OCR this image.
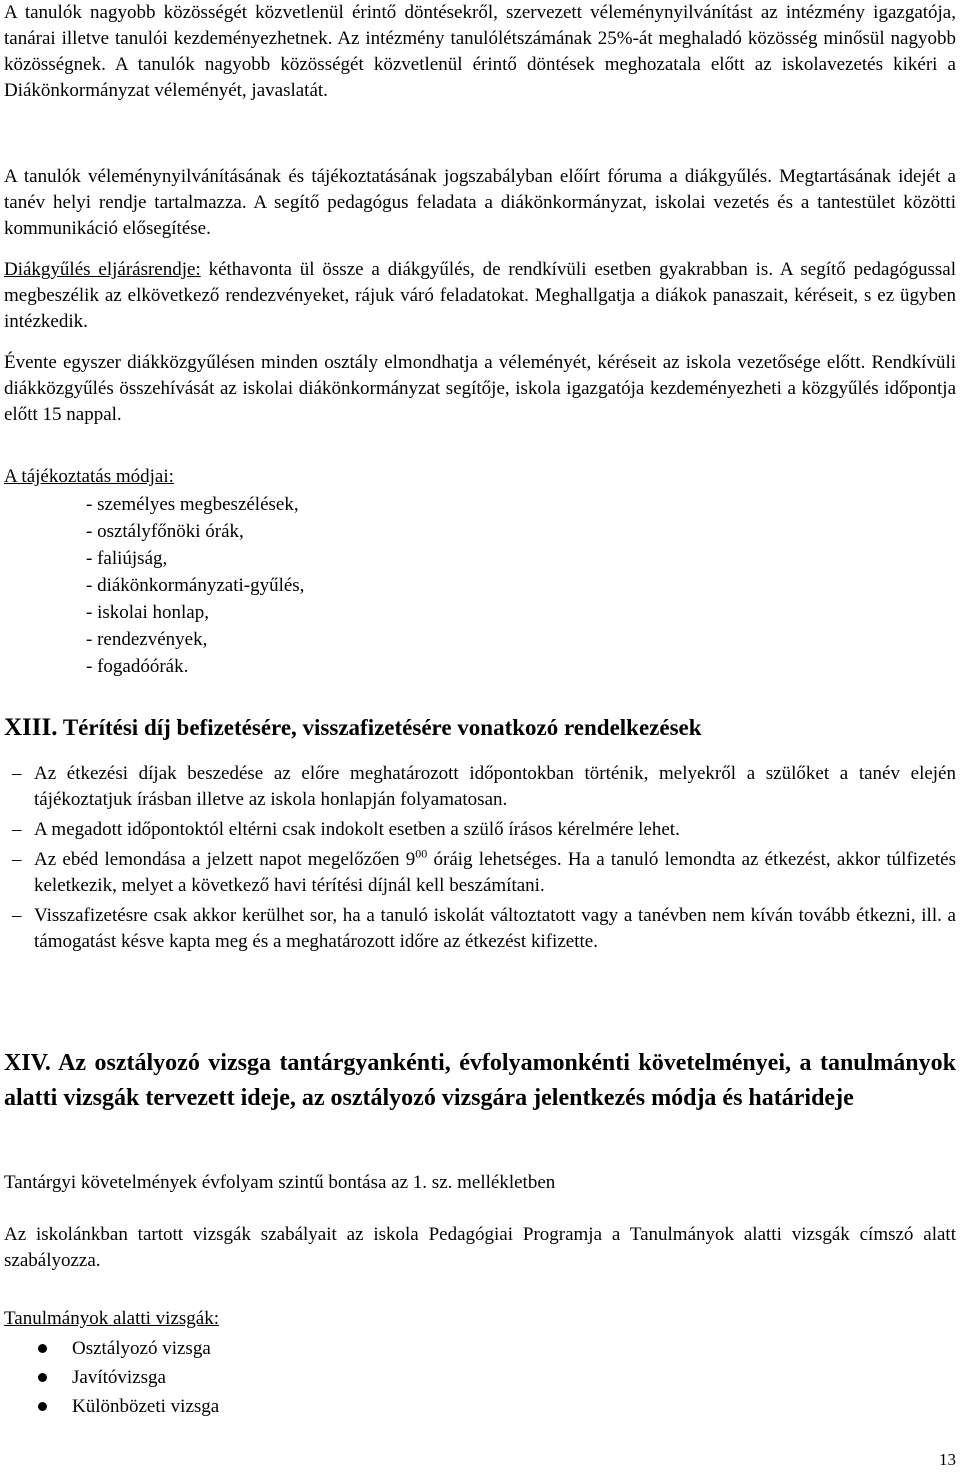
A tanulók nagyobb közösségét közvetlenül érintő döntésekről, szervezett véleménynyilvánítást az intézmény igazgatója, tanárai illetve tanulói kezdeményezhetnek. Az intézmény tanulólétszámának 25%-át meghaladó közösség minősül nagyobb közösségnek. A tanulók nagyobb közösségét közvetlenül érintő döntések meghozatala előtt az iskolavezetés kikéri a Diákönkormányzat véleményét, javaslatát.

A tanulók véleménynyilvánításának és tájékoztatásának jogszabályban előírt fóruma a diákgyűlés. Megtartásának idejét a tanév helyi rendje tartalmazza. A segítő pedagógus feladata a diákönkormányzat, iskolai vezetés és a tantestület közötti kommunikáció elősegítése.

Diákgyűlés eljárásrendje: kéthavonta ül össze a diákgyűlés, de rendkívüli esetben gyakrabban is. A segítő pedagógussal megbeszélik az elkövetkező rendezvényeket, rájuk váró feladatokat. Meghallgatja a diákok panaszait, kéréseit, s ez ügyben intézkedik.

Évente egyszer diákközgyűlésen minden osztály elmondhatja a véleményét, kéréseit az iskola vezetősége előtt. Rendkívüli diákközgyűlés összehívását az iskolai diákönkormányzat segítője, iskola igazgatója kezdeményezheti a közgyűlés időpontja előtt 15 nappal.

A tájékoztatás módjai:
- személyes megbeszélések,
- osztályfőnöki órák,
- faliújság,
- diákönkormányzati-gyűlés,
- iskolai honlap,
- rendezvények,
- fogadóórák.
XIII. Térítési díj befizetésére, visszafizetésére vonatkozó rendelkezések

– Az étkezési díjak beszedése az előre meghatározott időpontokban történik, melyekről a szülőket a tanév elején tájékoztatjuk írásban illetve az iskola honlapján folyamatosan.

– A megadott időpontoktól eltérni csak indokolt esetben a szülő írásos kérelmére lehet.

– Az ebéd lemondása a jelzett napot megelőzően $9^{00}$ óráig lehetséges. Ha a tanuló lemondta az étkezést, akkor túlfizetés keletkezik, melyet a következő havi térítési díjnál kell beszámítani.

– Visszafizetésre csak akkor kerülhet sor, ha a tanuló iskolát változtatott vagy a tanévben nem kíván tovább étkezni, ill. a támogatást késve kapta meg és a meghatározott időre az étkezést kifizette.

XIV. Az osztályozó vizsga tantárgyankénti, évfolyamonkénti követelményei, a tanulmányok alatti vizsgák tervezett ideje, az osztályozó vizsgára jelentkezés módja és határideje

Tantárgyi követelmények évfolyam szintű bontása az 1. sz. mellékletben

Az iskolánkban tartott vizsgák szabályait az iskola Pedagógiai Programja a Tanulmányok alatti vizsgák címszó alatt szabályozza.

Tanulmányok alatti vizsgák:
Osztályozó vizsga
Javítóvizsga
Különbözeti vizsga
13
